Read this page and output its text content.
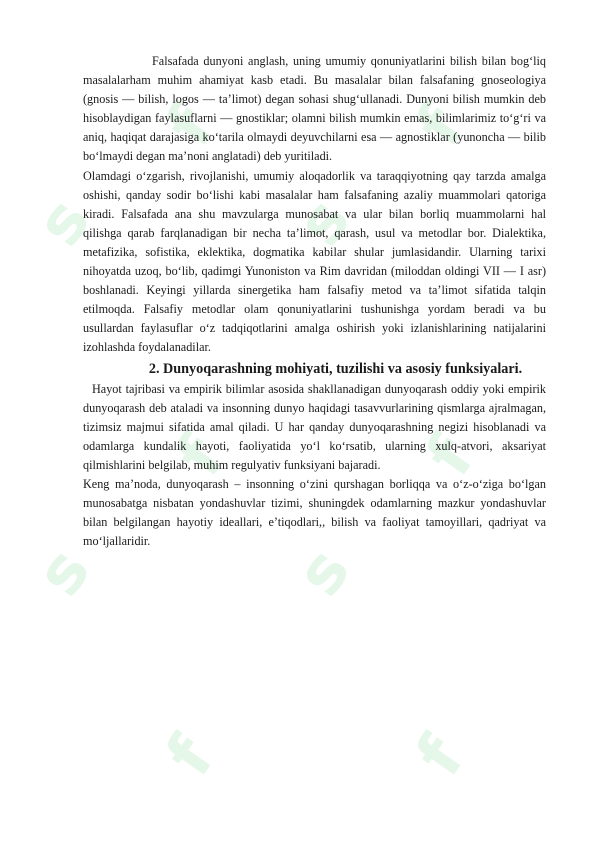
s
s
f
f
f
s
s
f
f
f

Falsafada dunyoni anglash, uning umumiy qonuniyatlarini bilish bilan bog‘liq masalalarham muhim ahamiyat kasb etadi. Bu masalalar bilan falsafaning gnoseologiya (gnosis — bilish, logos — ta’limot) degan sohasi shug‘ullanadi. Dunyoni bilish mumkin deb hisoblaydigan faylasuflarni — gnostiklar; olamni bilish mumkin emas, bilimlarimiz to‘g‘ri va aniq, haqiqat darajasiga ko‘tarila olmaydi deyuvchilarni esa — agnostiklar (yunoncha — bilib bo‘lmaydi degan ma’noni anglatadi) deb yuritiladi.

Olamdagi o‘zgarish, rivojlanishi, umumiy aloqadorlik va taraqqiyotning qay tarzda amalga oshishi, qanday sodir bo‘lishi kabi masalalar ham falsafaning azaliy muammolari qatoriga kiradi. Falsafada ana shu mavzularga munosabat va ular bilan borliq muammolarni hal qilishga qarab farqlanadigan bir necha ta’limot, qarash, usul va metodlar bor. Dialektika, metafizika, sofistika, eklektika, dogmatika kabilar shular jumlasidandir. Ularning tarixi nihoyatda uzoq, bo‘lib, qadimgi Yunoniston va Rim davridan (miloddan oldingi VII — I asr) boshlanadi. Keyingi yillarda sinergetika ham falsafiy metod va ta’limot sifatida talqin etilmoqda. Falsafiy metodlar olam qonuniyatlarini tushunishga yordam beradi va bu usullardan faylasuflar o‘z tadqiqotlarini amalga oshirish yoki izlanishlarining natijalarini izohlashda foydalanadilar.

2. Dunyoqarashning mohiyati, tuzilishi va asosiy funksiyalari.

Hayot tajribasi va empirik bilimlar asosida shakllanadigan dunyoqarash oddiy yoki empirik dunyoqarash deb ataladi va insonning dunyo haqidagi tasavvurlarining qismlarga ajralmagan, tizimsiz majmui sifatida amal qiladi. U har qanday dunyoqarashning negizi hisoblanadi va odamlarga kundalik hayoti, faoliyatida yo‘l ko‘rsatib, ularning xulq-atvori, aksariyat qilmishlarini belgilab, muhim regulyativ funksiyani bajaradi.

Keng ma’noda, dunyoqarash – insonning o‘zini qurshagan borliqqa va o‘z-o‘ziga bo‘lgan munosabatga nisbatan yondashuvlar tizimi, shuningdek odamlarning mazkur yondashuvlar bilan belgilangan hayotiy ideallari, e’tiqodlari,, bilish va faoliyat tamoyillari, qadriyat va mo‘ljallaridir.
